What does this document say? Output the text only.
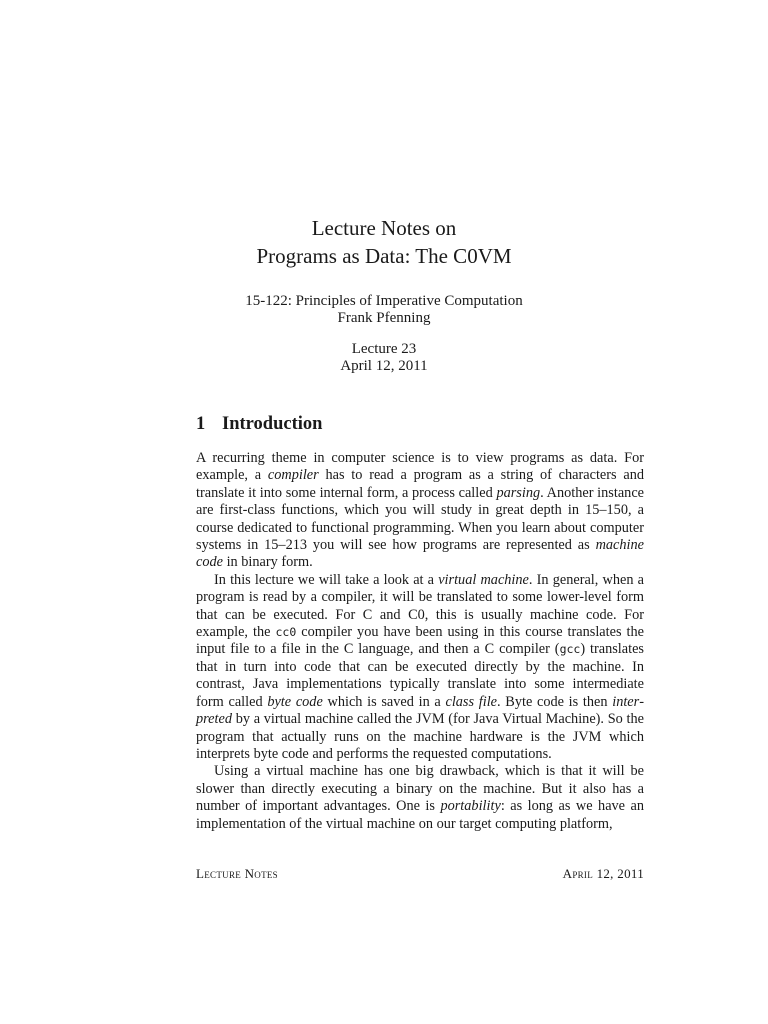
Lecture Notes on
Programs as Data: The C0VM
15-122: Principles of Imperative Computation
Frank Pfenning
Lecture 23
April 12, 2011
1 Introduction

A recurring theme in computer science is to view programs as data. For example, a compiler has to read a program as a string of characters and translate it into some internal form, a process called parsing. Another instance are first-class functions, which you will study in great depth in 15–150, a course dedicated to functional programming. When you learn about computer systems in 15–213 you will see how programs are represented as machine code in binary form.

In this lecture we will take a look at a virtual machine. In general, when a program is read by a compiler, it will be translated to some lower-level form that can be executed. For C and C0, this is usually machine code. For example, the cc0 compiler you have been using in this course translates the input file to a file in the C language, and then a C compiler (gcc) translates that in turn into code that can be executed directly by the machine. In contrast, Java implementations typically translate into some intermediate form called byte code which is saved in a class file. Byte code is then interpreted by a virtual machine called the JVM (for Java Virtual Machine). So the program that actually runs on the machine hardware is the JVM which interprets byte code and performs the requested computations.

Using a virtual machine has one big drawback, which is that it will be slower than directly executing a binary on the machine. But it also has a number of important advantages. One is portability: as long as we have an implementation of the virtual machine on our target computing platform,

Lecture Notes	April 12, 2011
